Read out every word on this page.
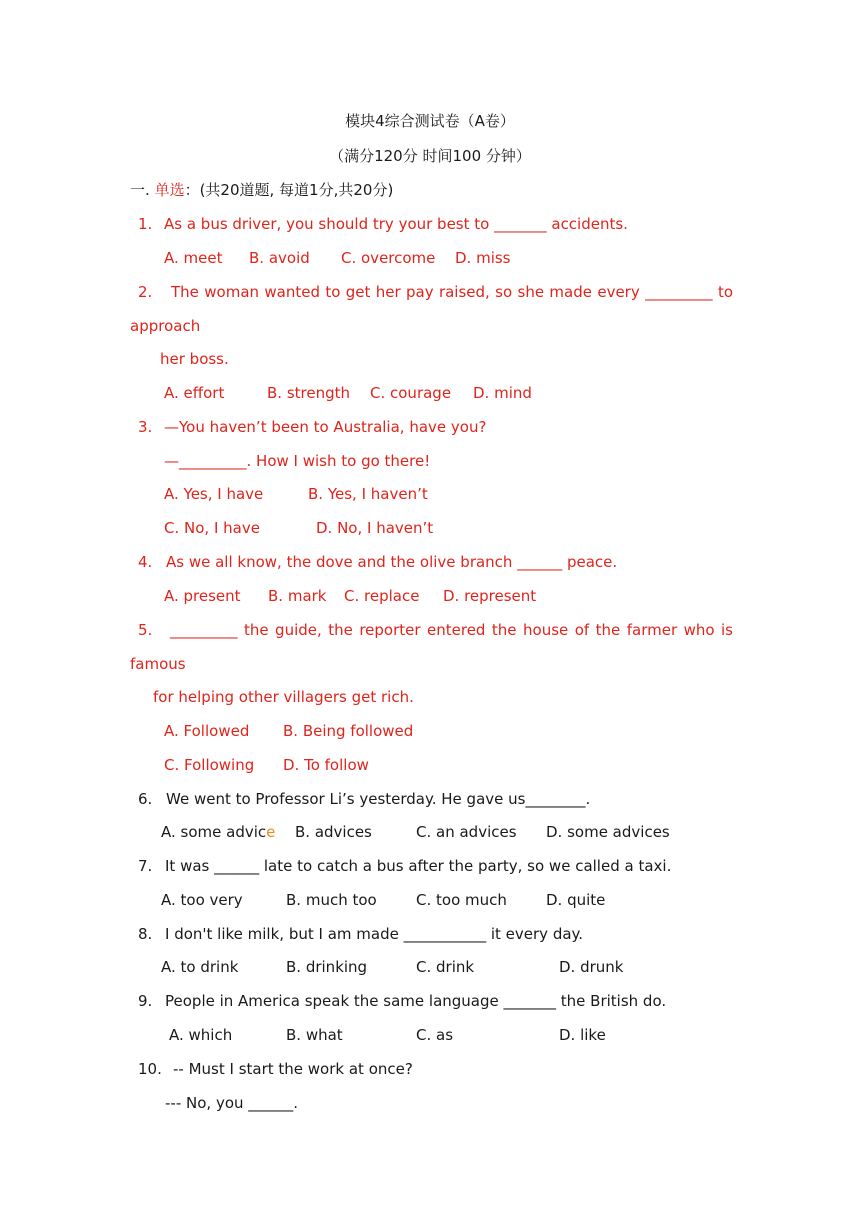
模块4综合测试卷（A卷）
（满分120分 时间100 分钟）
一. 单选：(共20道题, 每道1分,共20分)
1. As a bus driver, you should try your best to _______ accidents.
A. meet B. avoid C. overcome D. miss
2. The woman wanted to get her pay raised, so she made every _________ to
approach
her boss.
A. effort	B. strength C. courage D. mind
3. —You haven’t been to Australia, have you?
—_________. How I wish to go there!
A. Yes, I have	B. Yes, I haven’t
C. No, I have	D. No, I haven’t
4. As we all know, the dove and the olive branch ______ peace.
A. present B. mark C. replace D. represent
5. _________ the guide, the reporter entered the house of the farmer who is
famous
for helping other villagers get rich.
A. Followed B. Being followed
C. Following D. To follow
6. We went to Professor Li’s yesterday. He gave us________.
A. some advice B. advices	C. an advices D. some advices
7. It was ______ late to catch a bus after the party, so we called a taxi.
A. too very	B. much too	C. too much	D. quite
8. I don't like milk, but I am made ___________ it every day.
A. to drink	B. drinking	C. drink	D. drunk
9. People in America speak the same language _______ the British do.
A. which	B. what	C. as	D. like
10. -- Must I start the work at once?
--- No, you ______.
